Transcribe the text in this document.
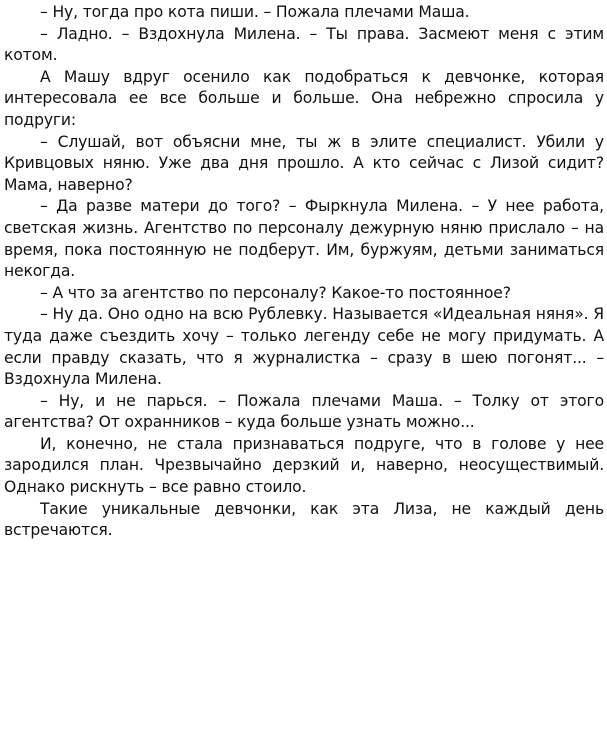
– Ну, тогда про кота пиши. – Пожала плечами Маша.

– Ладно. – Вздохнула Милена. – Ты права. Засмеют меня с этим котом.

А Машу вдруг осенило как подобраться к девчонке, которая интересовала ее все больше и больше. Она небрежно спросила у подруги:

– Слушай, вот объясни мне, ты ж в элите специалист. Убили у Кривцовых няню. Уже два дня прошло. А кто сейчас с Лизой сидит? Мама, наверно?

– Да разве матери до того? – Фыркнула Милена. – У нее работа, светская жизнь. Агентство по персоналу дежурную няню прислало – на время, пока постоянную не подберут. Им, буржуям, детьми заниматься некогда.

– А что за агентство по персоналу? Какое-то постоянное?

– Ну да. Оно одно на всю Рублевку. Называется «Идеальная няня». Я туда даже съездить хочу – только легенду себе не могу придумать. А если правду сказать, что я журналистка – сразу в шею погонят... – Вздохнула Милена.

– Ну, и не парься. – Пожала плечами Маша. – Толку от этого агентства? От охранников – куда больше узнать можно...

И, конечно, не стала признаваться подруге, что в голове у нее зародился план. Чрезвычайно дерзкий и, наверно, неосуществимый. Однако рискнуть – все равно стоило.

Такие уникальные девчонки, как эта Лиза, не каждый день встречаются.
